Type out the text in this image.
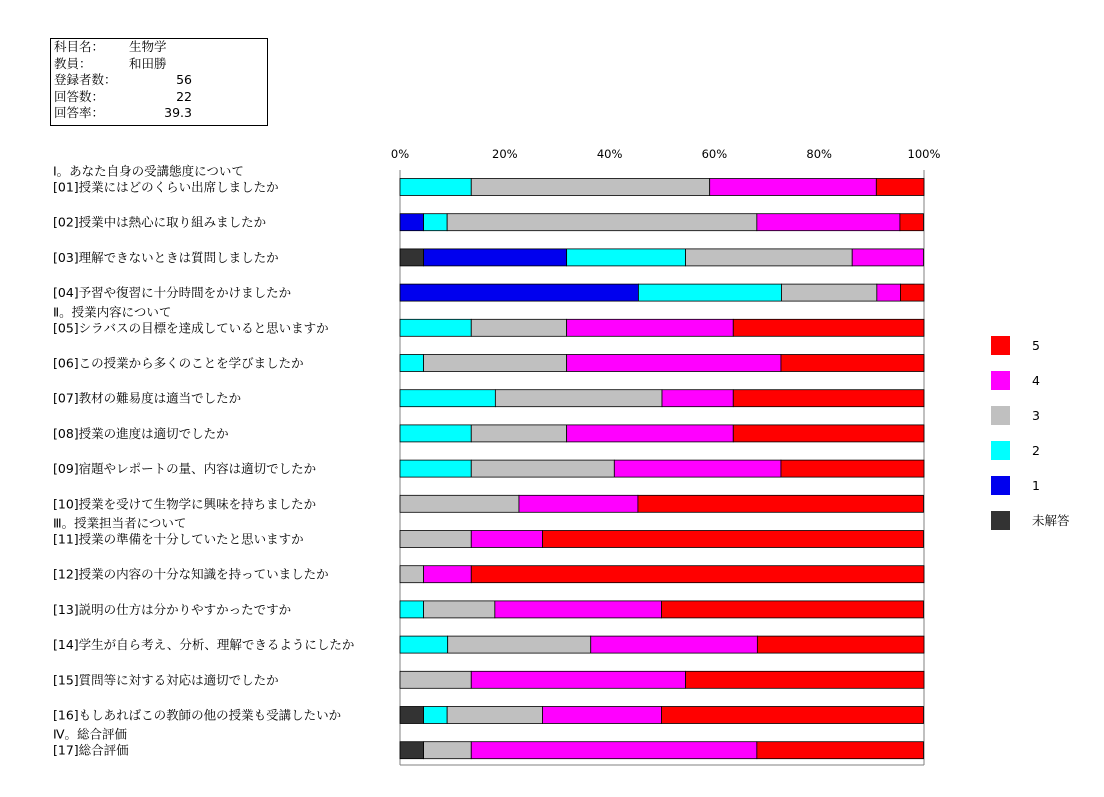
科目名： 生物学
教員：	和田勝
登録者数：	56
回答数：	22
回答率：	39.3
0%	20%	40%	60%	80%	100%
[01]授業にはどのくらい出席しましたか
[02]授業中は熱心に取り組みましたか
[03]理解できないときは質問しましたか
[04]予習や復習に十分時間をかけましたか
[05]シラバスの目標を達成していると思いますか
[06]この授業から多くのことを学びましたか
[07]教材の難易度は適当でしたか
[08]授業の進度は適切でしたか
[09]宿題やレポートの量、内容は適切でしたか
[10]授業を受けて生物学に興味を持ちましたか
[11]授業の準備を十分していたと思いますか
[12]授業の内容の十分な知識を持っていましたか
[13]説明の仕方は分かりやすかったですか
[14]学生が自ら考え、分析、理解できるようにしたか
[15]質問等に対する対応は適切でしたか
[16]もしあればこの教師の他の授業も受講したいか
[17]総合評価
Ⅰ。あなた自身の受講態度について
Ⅱ。授業内容について
Ⅲ。授業担当者について
Ⅳ。総合評価
5
4
3
2
1
未解答
